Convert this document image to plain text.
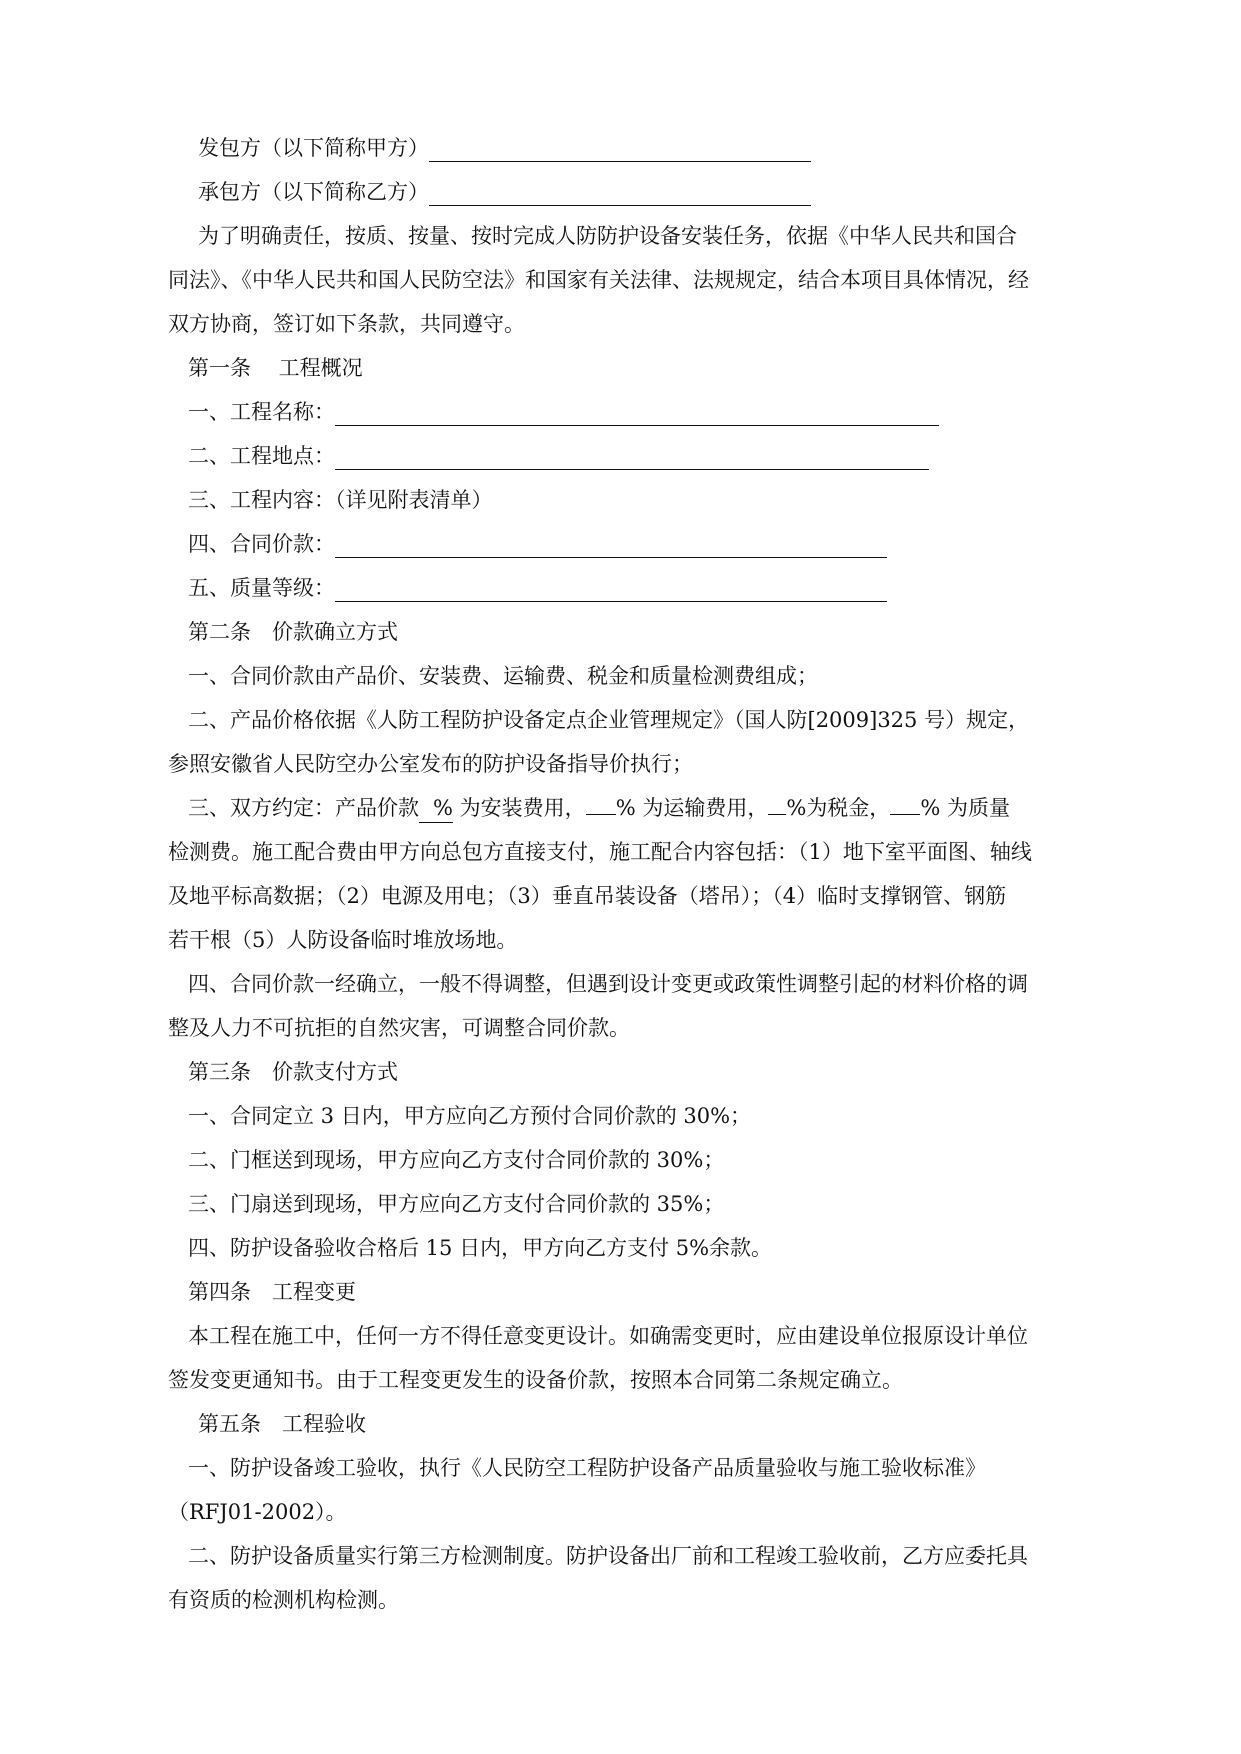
发包方（以下简称甲方）
承包方（以下简称乙方）
为了明确责任，按质、按量、按时完成人防防护设备安装任务，依据《中华人民共和国合
同法》、《中华人民共和国人民防空法》和国家有关法律、法规规定，结合本项目具体情况，经
双方协商，签订如下条款，共同遵守。
第一条　 工程概况
一、工程名称：
二、工程地点：
三、工程内容：（详见附表清单）
四、合同价款：
五、质量等级：
第二条　价款确立方式
一、合同价款由产品价、安装费、运输费、税金和质量检测费组成；
二、产品价格依据《人防工程防护设备定点企业管理规定》（国人防[2009]325 号）规定，
参照安徽省人民防空办公室发布的防护设备指导价执行；
三、双方约定：产品价款 % 为安装费用， % 为运输费用， %为税金， % 为质量
检测费。施工配合费由甲方向总包方直接支付，施工配合内容包括：（1）地下室平面图、轴线
及地平标高数据；（2）电源及用电；（3）垂直吊装设备（塔吊）；（4）临时支撑钢管、钢筋
若干根（5）人防设备临时堆放场地。
四、合同价款一经确立，一般不得调整，但遇到设计变更或政策性调整引起的材料价格的调
整及人力不可抗拒的自然灾害，可调整合同价款。
第三条　价款支付方式
一、合同定立 3 日内，甲方应向乙方预付合同价款的 30%；
二、门框送到现场，甲方应向乙方支付合同价款的 30%；
三、门扇送到现场，甲方应向乙方支付合同价款的 35%；
四、防护设备验收合格后 15 日内，甲方向乙方支付 5%余款。
第四条　工程变更
本工程在施工中，任何一方不得任意变更设计。如确需变更时，应由建设单位报原设计单位
签发变更通知书。由于工程变更发生的设备价款，按照本合同第二条规定确立。
第五条　工程验收
一、防护设备竣工验收，执行《人民防空工程防护设备产品质量验收与施工验收标准》
（RFJ01-2002）。
二、防护设备质量实行第三方检测制度。防护设备出厂前和工程竣工验收前，乙方应委托具
有资质的检测机构检测。
